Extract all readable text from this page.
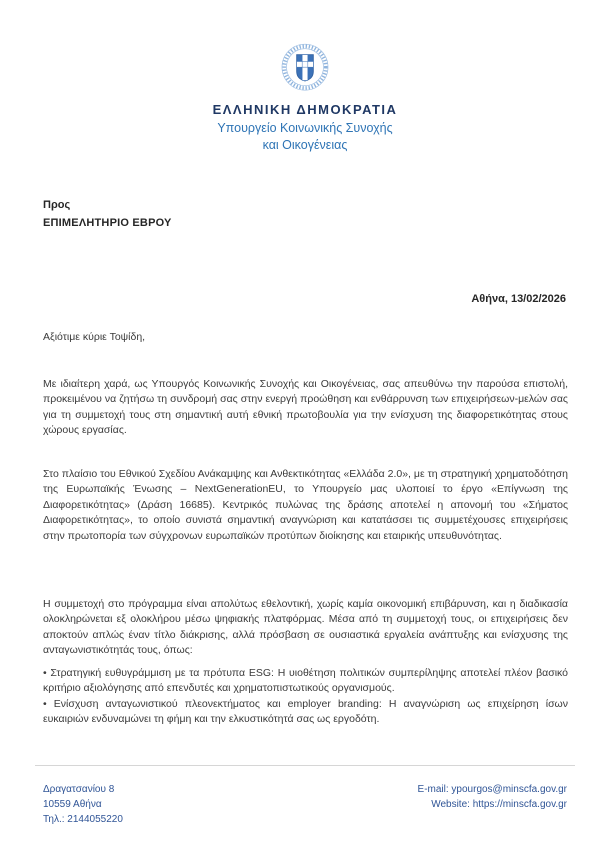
ΕΛΛΗΝΙΚΗ ΔΗΜΟΚΡΑΤΙΑ
Υπουργείο Κοινωνικής Συνοχής
και Οικογένειας
Προς
ΕΠΙΜΕΛΗΤΗΡΙΟ ΕΒΡΟΥ
Αθήνα, 13/02/2026
Αξιότιμε κύριε Τοψίδη,

Με ιδιαίτερη χαρά, ως Υπουργός Κοινωνικής Συνοχής και Οικογένειας, σας απευθύνω την παρούσα επιστολή, προκειμένου να ζητήσω τη συνδρομή σας στην ενεργή προώθηση και ενθάρρυνση των επιχειρήσεων-μελών σας για τη συμμετοχή τους στη σημαντική αυτή εθνική πρωτοβουλία για την ενίσχυση της διαφορετικότητας στους χώρους εργασίας.

Στο πλαίσιο του Εθνικού Σχεδίου Ανάκαμψης και Ανθεκτικότητας «Ελλάδα 2.0», με τη στρατηγική χρηματοδότηση της Ευρωπαϊκής Ένωσης – NextGenerationEU, το Υπουργείο μας υλοποιεί το έργο «Επίγνωση της Διαφορετικότητας» (Δράση 16685). Κεντρικός πυλώνας της δράσης αποτελεί η απονομή του «Σήματος Διαφορετικότητας», το οποίο συνιστά σημαντική αναγνώριση και κατατάσσει τις συμμετέχουσες επιχειρήσεις στην πρωτοπορία των σύγχρονων ευρωπαϊκών προτύπων διοίκησης και εταιρικής υπευθυνότητας.

Η συμμετοχή στο πρόγραμμα είναι απολύτως εθελοντική, χωρίς καμία οικονομική επιβάρυνση, και η διαδικασία ολοκληρώνεται εξ ολοκλήρου μέσω ψηφιακής πλατφόρμας. Μέσα από τη συμμετοχή τους, οι επιχειρήσεις δεν αποκτούν απλώς έναν τίτλο διάκρισης, αλλά πρόσβαση σε ουσιαστικά εργαλεία ανάπτυξης και ενίσχυσης της ανταγωνιστικότητάς τους, όπως:

• Στρατηγική ευθυγράμμιση με τα πρότυπα ESG: Η υιοθέτηση πολιτικών συμπερίληψης αποτελεί πλέον βασικό κριτήριο αξιολόγησης από επενδυτές και χρηματοπιστωτικούς οργανισμούς.

• Ενίσχυση ανταγωνιστικού πλεονεκτήματος και employer branding: Η αναγνώριση ως επιχείρηση ίσων ευκαιριών ενδυναμώνει τη φήμη και την ελκυστικότητά σας ως εργοδότη.

Δραγατσανίου 8
10559 Αθήνα
Τηλ.: 2144055220
E-mail: ypourgos@minscfa.gov.gr
Website: https://minscfa.gov.gr
